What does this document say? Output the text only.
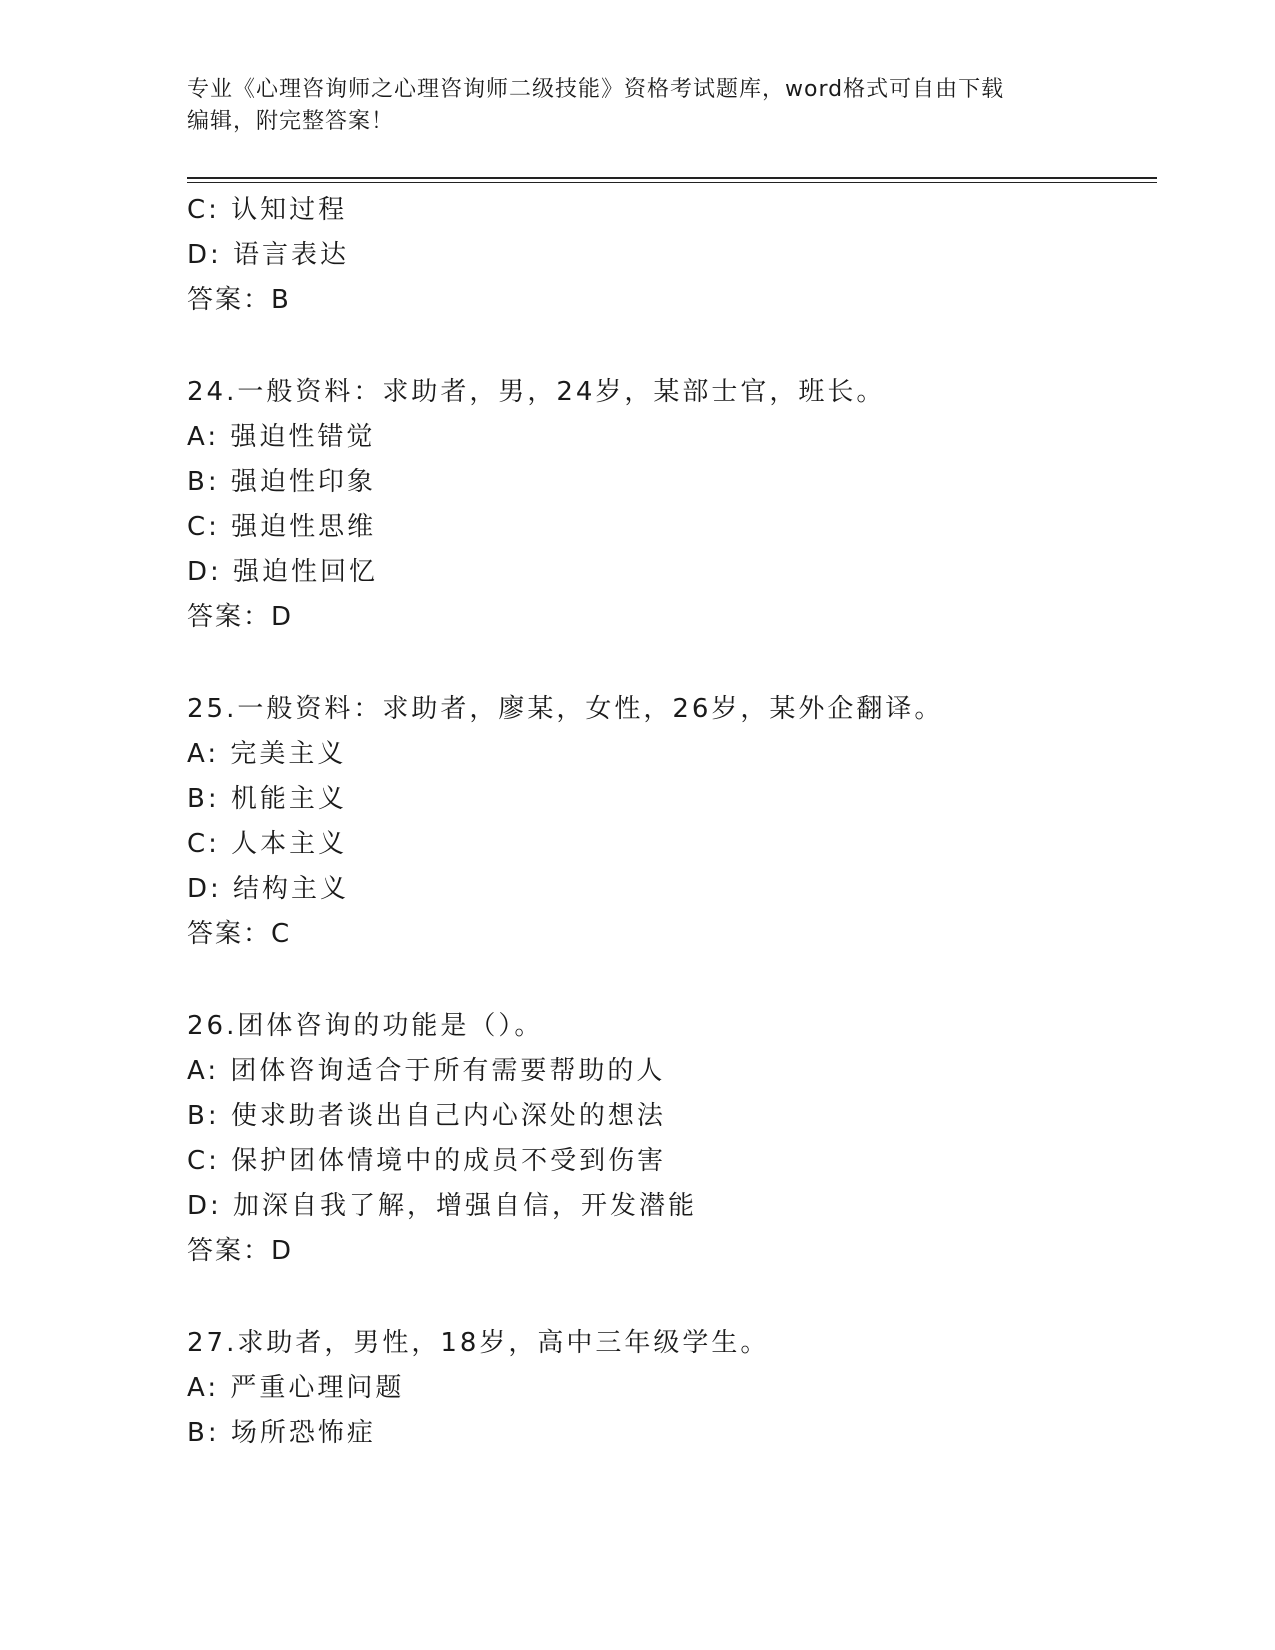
专业《心理咨询师之心理咨询师二级技能》资格考试题库，word格式可自由下载
编辑，附完整答案！
C: 认知过程
D: 语言表达
答案：B
24.一般资料：求助者，男，24岁，某部士官，班长。
A: 强迫性错觉
B: 强迫性印象
C: 强迫性思维
D: 强迫性回忆
答案：D
25.一般资料：求助者，廖某，女性，26岁，某外企翻译。
A: 完美主义
B: 机能主义
C: 人本主义
D: 结构主义
答案：C
26.团体咨询的功能是（）。
A: 团体咨询适合于所有需要帮助的人
B: 使求助者谈出自己内心深处的想法
C: 保护团体情境中的成员不受到伤害
D: 加深自我了解，增强自信，开发潜能
答案：D
27.求助者，男性，18岁，高中三年级学生。
A: 严重心理问题
B: 场所恐怖症
